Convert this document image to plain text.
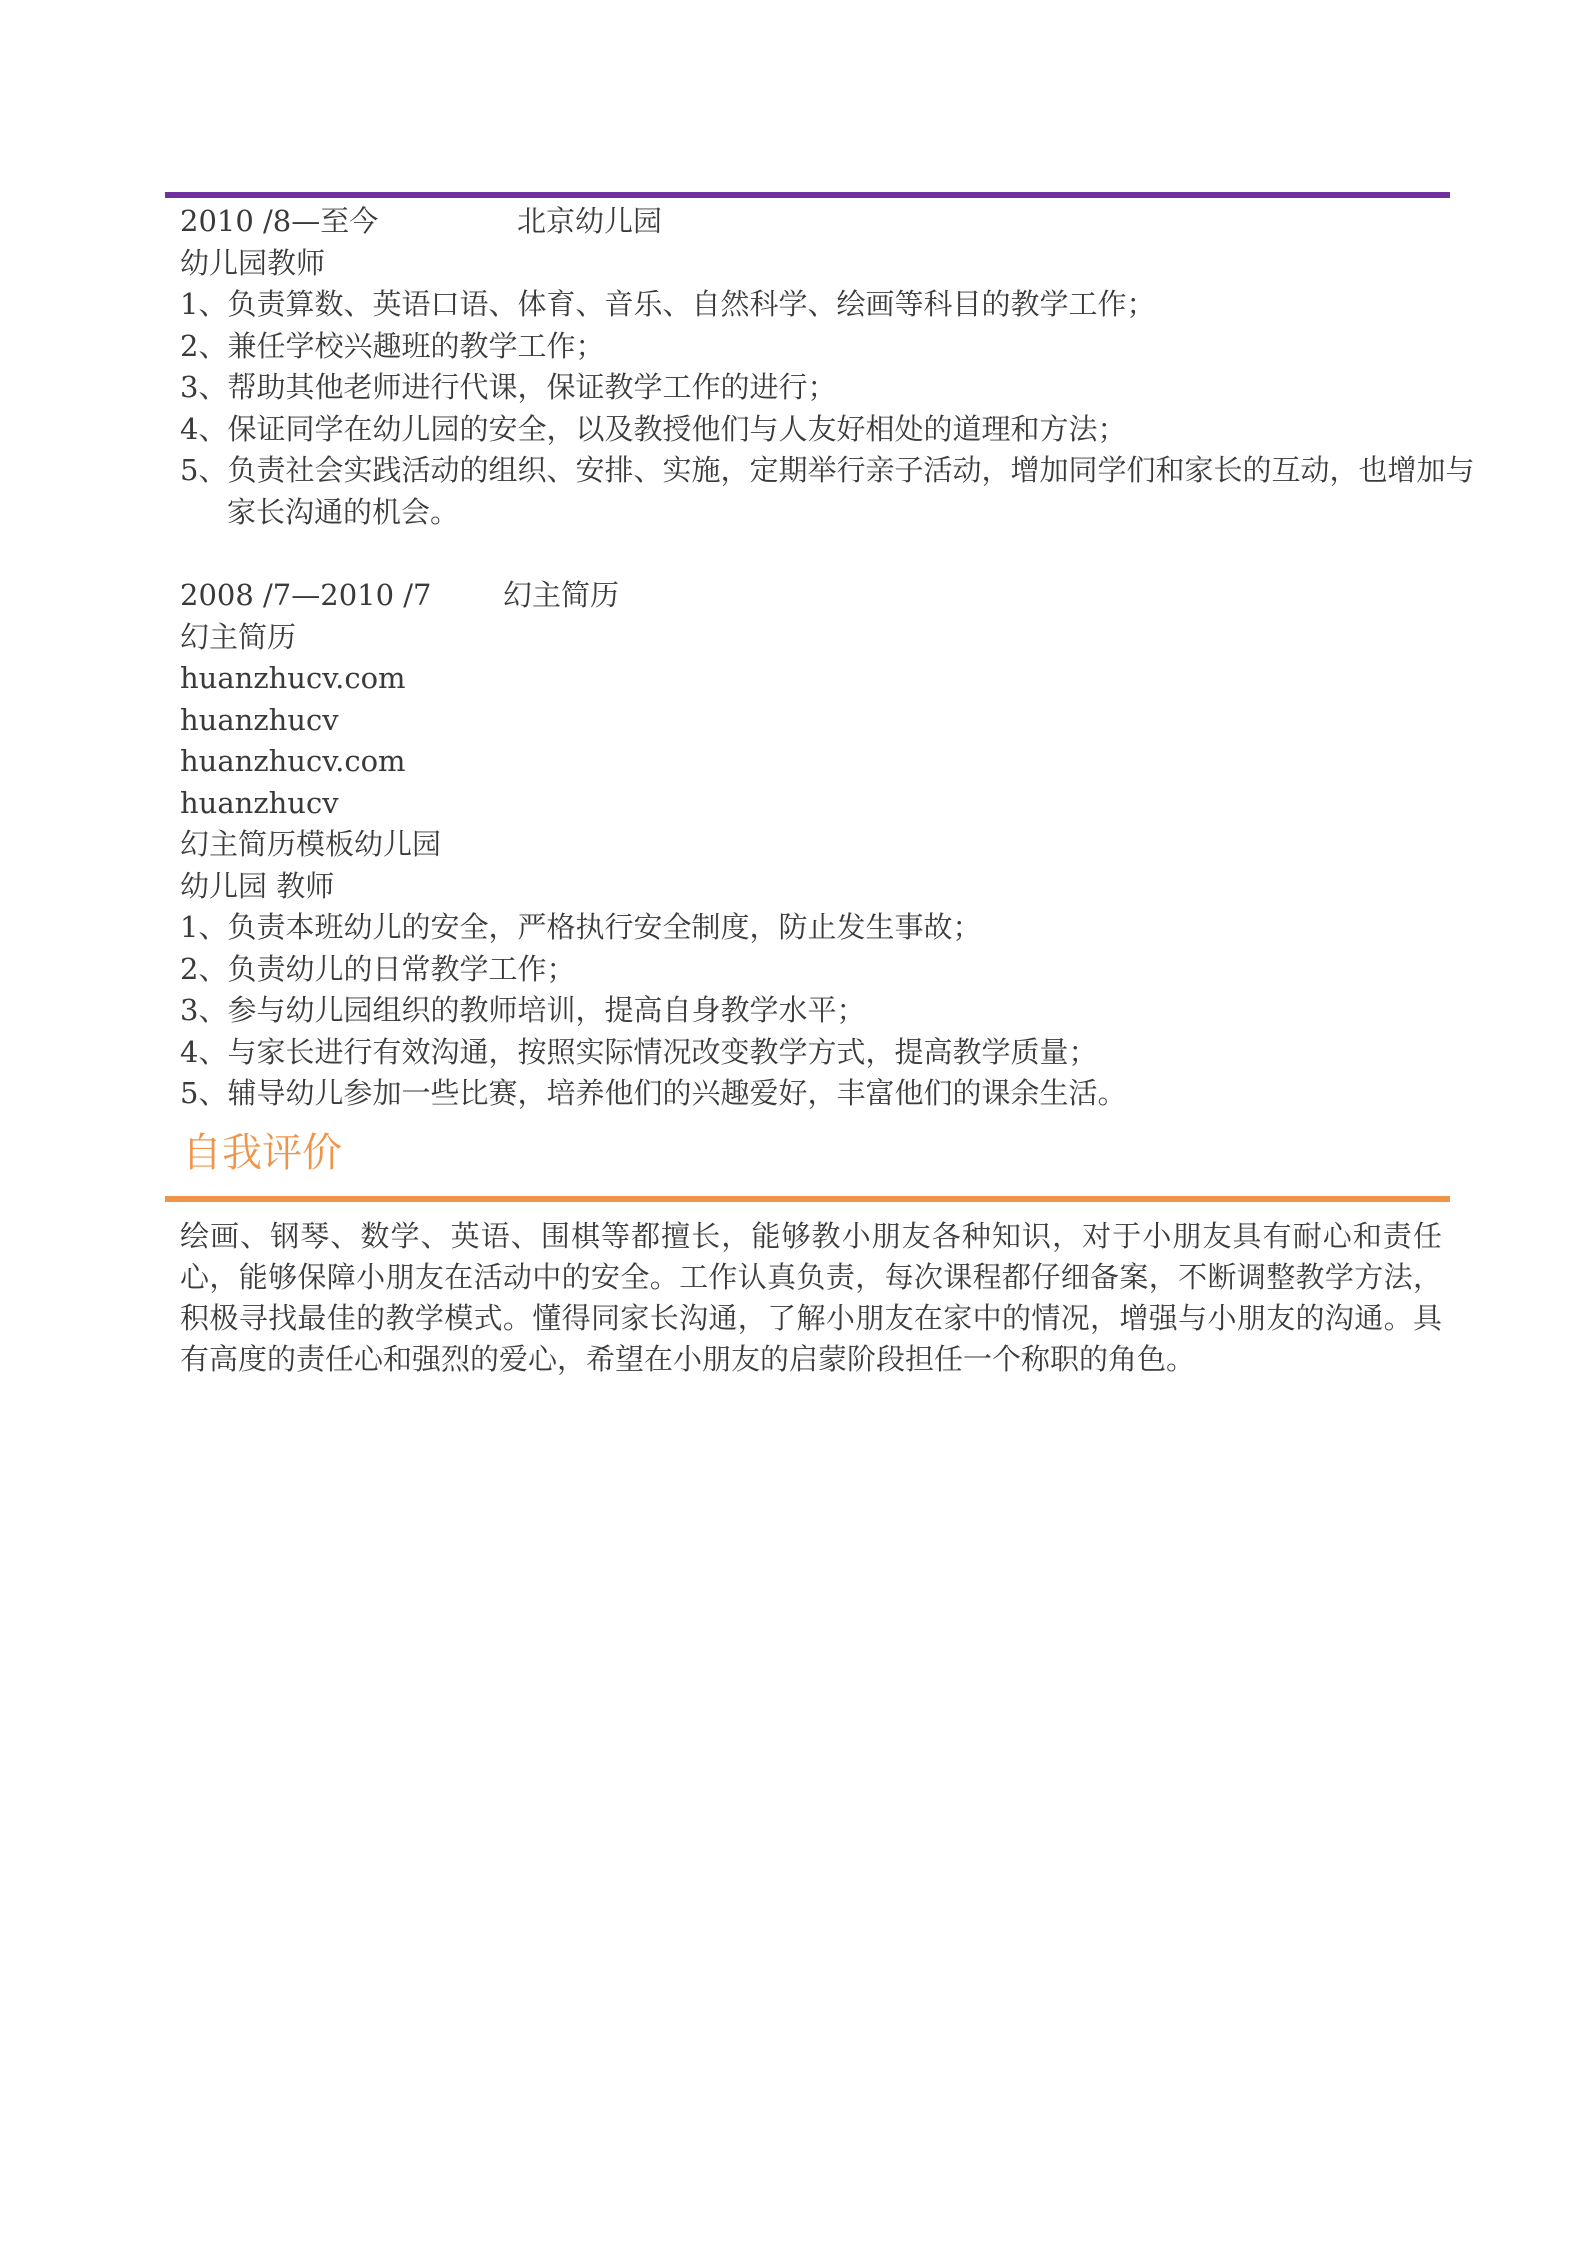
2010 /8—至今	北京幼儿园
幼儿园教师
1、负责算数、英语口语、体育、音乐、自然科学、绘画等科目的教学工作；
2、兼任学校兴趣班的教学工作；
3、帮助其他老师进行代课，保证教学工作的进行；
4、保证同学在幼儿园的安全，以及教授他们与人友好相处的道理和方法；
5、负责社会实践活动的组织、安排、实施，定期举行亲子活动，增加同学们和家长的互动，也增加与家长沟通的机会。
2008 /7—2010 /7 幻主简历
幻主简历
huanzhucv.com
huanzhucv
huanzhucv.com
huanzhucv
幻主简历模板幼儿园
幼儿园 教师
1、负责本班幼儿的安全，严格执行安全制度，防止发生事故；
2、负责幼儿的日常教学工作；
3、参与幼儿园组织的教师培训，提高自身教学水平；
4、与家长进行有效沟通，按照实际情况改变教学方式，提高教学质量；
5、辅导幼儿参加一些比赛，培养他们的兴趣爱好，丰富他们的课余生活。
自我评价
绘画、钢琴、数学、英语、围棋等都擅长，能够教小朋友各种知识，对于小朋友具有耐心和责任心，能够保障小朋友在活动中的安全。工作认真负责，每次课程都仔细备案，不断调整教学方法，积极寻找最佳的教学模式。懂得同家长沟通，了解小朋友在家中的情况，增强与小朋友的沟通。具有高度的责任心和强烈的爱心，希望在小朋友的启蒙阶段担任一个称职的角色。
